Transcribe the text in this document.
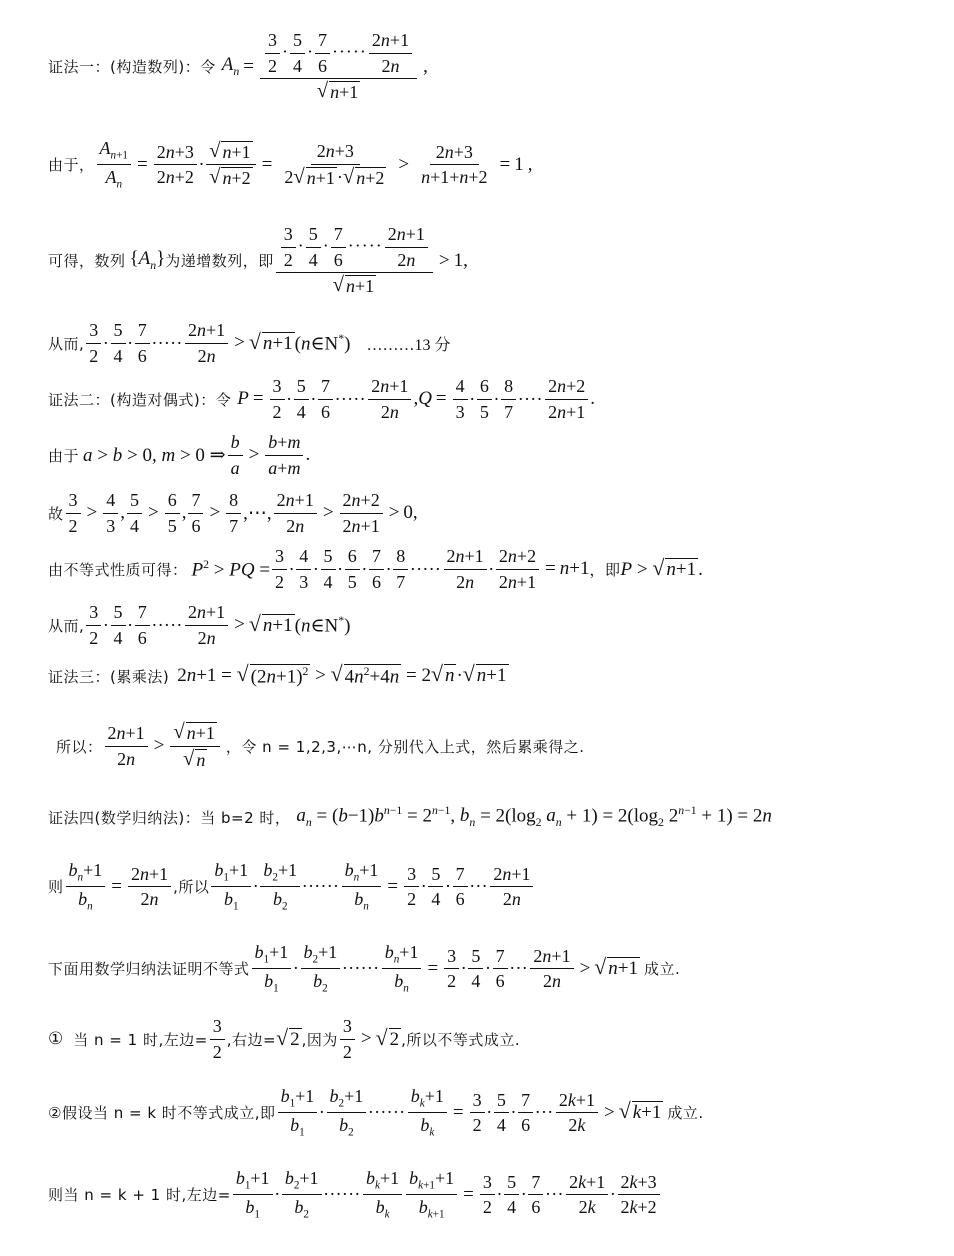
证法一：(构造数列)：令 $A_n = \frac{\frac{3}{2} \cdot \frac{5}{4} \cdot \frac{7}{6} \cdot\cdot\cdot\cdot\cdot \frac{2n+1}{2n}}{√ n+1}$ ,
由于， $\frac{A_{n+1}}{A_n} = \frac{2n+3}{2n+2} \cdot \frac{√ n+1}{√ n+2} = \frac{2n+3}{2 √ n+1 \cdot √ n+2} > \frac{2n+3}{n+1+n+2} = 1$ ,
可得，数列 $\{A_n\}$ 为递增数列，即 $\frac{\frac{3}{2} \cdot \frac{5}{4} \cdot \frac{7}{6} \cdot\cdot\cdot\cdot\cdot \frac{2n+1}{2n}}{√ n+1} > 1$,
从而, $\frac{3}{2} \cdot \frac{5}{4} \cdot \frac{7}{6}$ ····· $\frac{2n+1}{2n}$ > √ n+1 (n∈N*) ………13 分
证法二：(构造对偶式)：令 $P = \frac{3}{2} \cdot \frac{5}{4} \cdot \frac{7}{6}$ ····· $\frac{2n+1}{2n}$ , $Q = \frac{4}{3} \cdot \frac{6}{5} \cdot \frac{8}{7}$ ···· $\frac{2n+2}{2n+1}$ .
由于 a > b > 0, m > 0 ⇒ $\frac{b}{a} > \frac{b+m}{a+m}$ .
故 $\frac{3}{2} > \frac{4}{3}$ , $\frac{5}{4} > \frac{6}{5}$ , $\frac{7}{6} > \frac{8}{7}$ ,⋯, $\frac{2n+1}{2n} > \frac{2n+2}{2n+1} > 0$,
由不等式性质可得： $P^2$ > PQ = $\frac{3}{2} \cdot \frac{4}{3} \cdot \frac{5}{4} \cdot \frac{6}{5} \cdot \frac{7}{6} \cdot \frac{8}{7}$ ····· $\frac{2n+1}{2n} \cdot \frac{2n+2}{2n+1} = n+1$ ，即 P > √ n+1 .
从而, $\frac{3}{2} \cdot \frac{5}{4} \cdot \frac{7}{6}$ ····· $\frac{2n+1}{2n}$ > √ n+1 (n∈N*)
证法三：(累乘法) 2n+1 = √ $(2n+1)^2$ > √ $4n^2+4n = 2$ √ n · √ n+1
所以： $\frac{2n+1}{2n} > \frac{√ n+1}{√ n}$ ，令 n = 1,2,3,⋯n, 分别代入上式，然后累乘得之.
证法四(数学归纳法)：当 b=2 时， $a_n = (b-1)b^{n-1} = 2^{n-1}$, $b_n = 2(\log_2$ $a_n + 1) = 2(\log_2$ $2^{n-1} + 1) = 2n$
则 $\frac{b_n+1}{b_n} = \frac{2n+1}{2n}$ ,所以 $\frac{b_1+1}{b_1} \cdot \frac{b_2+1}{b_2}$ ······ $\frac{b_n+1}{b_n} = \frac{3}{2} \cdot \frac{5}{4} \cdot \frac{7}{6}$ ··· $\frac{2n+1}{2n}$
下面用数学归纳法证明不等式 $\frac{b_1+1}{b_1} \cdot \frac{b_2+1}{b_2}$ ······ $\frac{b_n+1}{b_n} = \frac{3}{2} \cdot \frac{5}{4} \cdot \frac{7}{6}$ ··· $\frac{2n+1}{2n}$ > √ n+1 成立.
① 当 n = 1 时,左边= $\frac{3}{2}$ ,右边= √ 2 ,因为 $\frac{3}{2}$ > √ 2 ,所以不等式成立.
②假设当 n = k 时不等式成立,即 $\frac{b_1+1}{b_1} \cdot \frac{b_2+1}{b_2}$ ······ $\frac{b_k+1}{b_k} = \frac{3}{2} \cdot \frac{5}{4} \cdot \frac{7}{6}$ ··· $\frac{2k+1}{2k}$ > √ k+1 成立.
则当 n = k + 1 时,左边= $\frac{b_1+1}{b_1} \cdot \frac{b_2+1}{b_2}$ ······ $\frac{b_k+1}{b_k} \frac{b_{k+1}+1}{b_{k+1}} = \frac{3}{2} \cdot \frac{5}{4} \cdot \frac{7}{6}$ ··· $\frac{2k+1}{2k} \cdot \frac{2k+3}{2k+2}$
